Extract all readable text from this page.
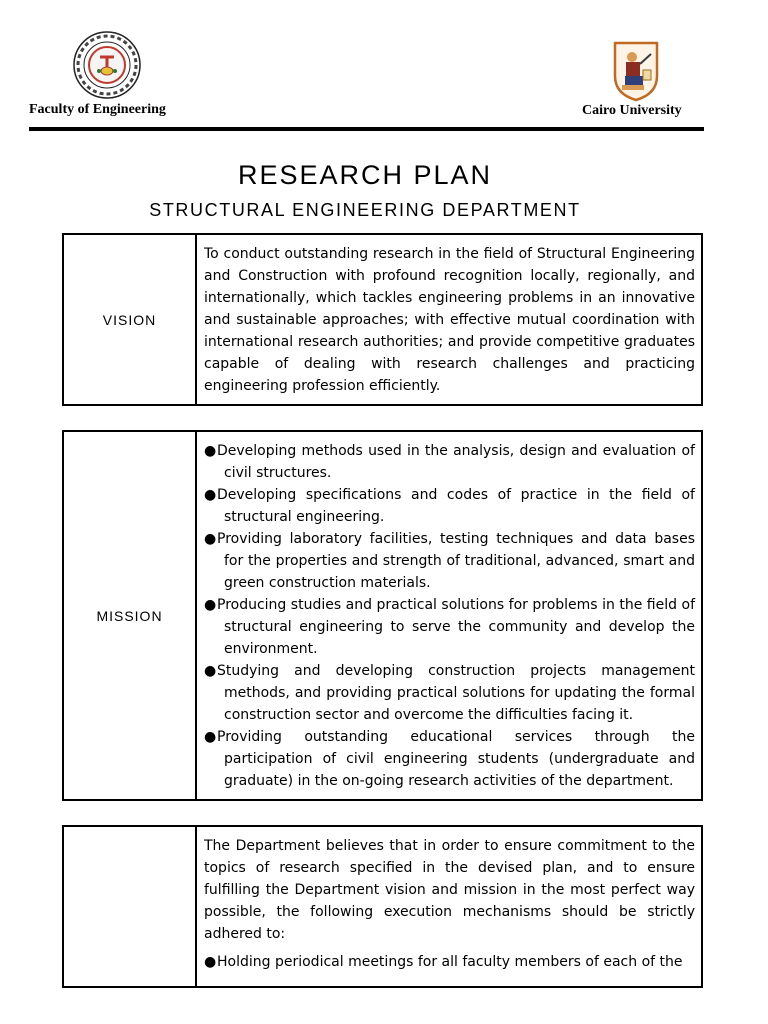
Faculty of Engineering	Cairo University
RESEARCH PLAN
STRUCTURAL ENGINEERING DEPARTMENT
VISION

To conduct outstanding research in the field of Structural Engineering and Construction with profound recognition locally, regionally, and internationally, which tackles engineering problems in an innovative and sustainable approaches; with effective mutual coordination with international research authorities; and provide competitive graduates capable of dealing with research challenges and practicing engineering profession efficiently.

MISSION
●Developing methods used in the analysis, design and evaluation of civil structures.
●Developing specifications and codes of practice in the field of structural engineering.
●Providing laboratory facilities, testing techniques and data bases for the properties and strength of traditional, advanced, smart and green construction materials.
●Producing studies and practical solutions for problems in the field of structural engineering to serve the community and develop the environment.
●Studying and developing construction projects management methods, and providing practical solutions for updating the formal construction sector and overcome the difficulties facing it.
●Providing outstanding educational services through the participation of civil engineering students (undergraduate and graduate) in the on-going research activities of the department.

The Department believes that in order to ensure commitment to the topics of research specified in the devised plan, and to ensure fulfilling the Department vision and mission in the most perfect way possible, the following execution mechanisms should be strictly adhered to:

●Holding periodical meetings for all faculty members of each of the
